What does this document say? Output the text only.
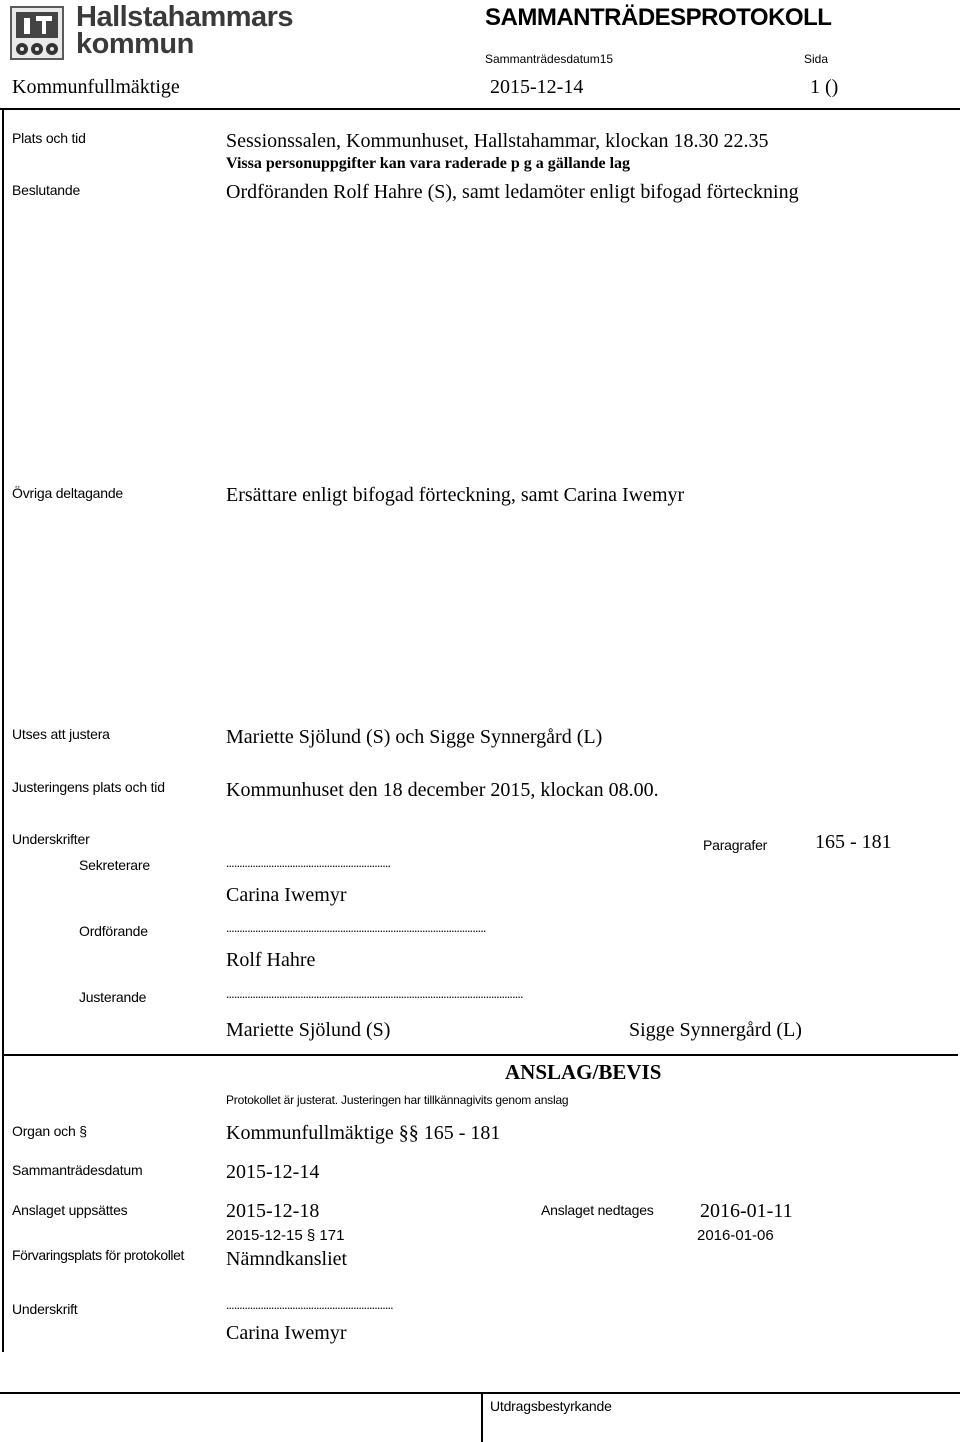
Hallstahammars
kommun
SAMMANTRÄDESPROTOKOLL
Sammanträdesdatum15	Sida
Kommunfullmäktige	2015-12-14	1 ()
Plats och tid	Sessionssalen, Kommunhuset, Hallstahammar, klockan 18.30 22.35
Vissa personuppgifter kan vara raderade p g a gällande lag
Beslutande	Ordföranden Rolf Hahre (S), samt ledamöter enligt bifogad förteckning
Övriga deltagande	Ersättare enligt bifogad förteckning, samt Carina Iwemyr
Utses att justera	Mariette Sjölund (S) och Sigge Synnergård (L)
Justeringens plats och tid	Kommunhuset den 18 december 2015, klockan 08.00.
Underskrifter	Paragrafer 165 - 181
Sekreterare	..............................................................
Carina Iwemyr
Ordförande	..................................................................................................
Rolf Hahre
Justerande	................................................................................................................
Mariette Sjölund (S)	Sigge Synnergård (L)
ANSLAG/BEVIS
Protokollet är justerat. Justeringen har tillkännagivits genom anslag
Organ och §	Kommunfullmäktige §§ 165 - 181
Sammanträdesdatum	2015-12-14
Anslaget uppsättes	2015-12-18
2015-12-15 § 171
Anslaget nedtages 2016-01-11
2016-01-06
Förvaringsplats för protokollet Nämndkansliet
Underskrift	...............................................................
Carina Iwemyr
Utdragsbestyrkande
